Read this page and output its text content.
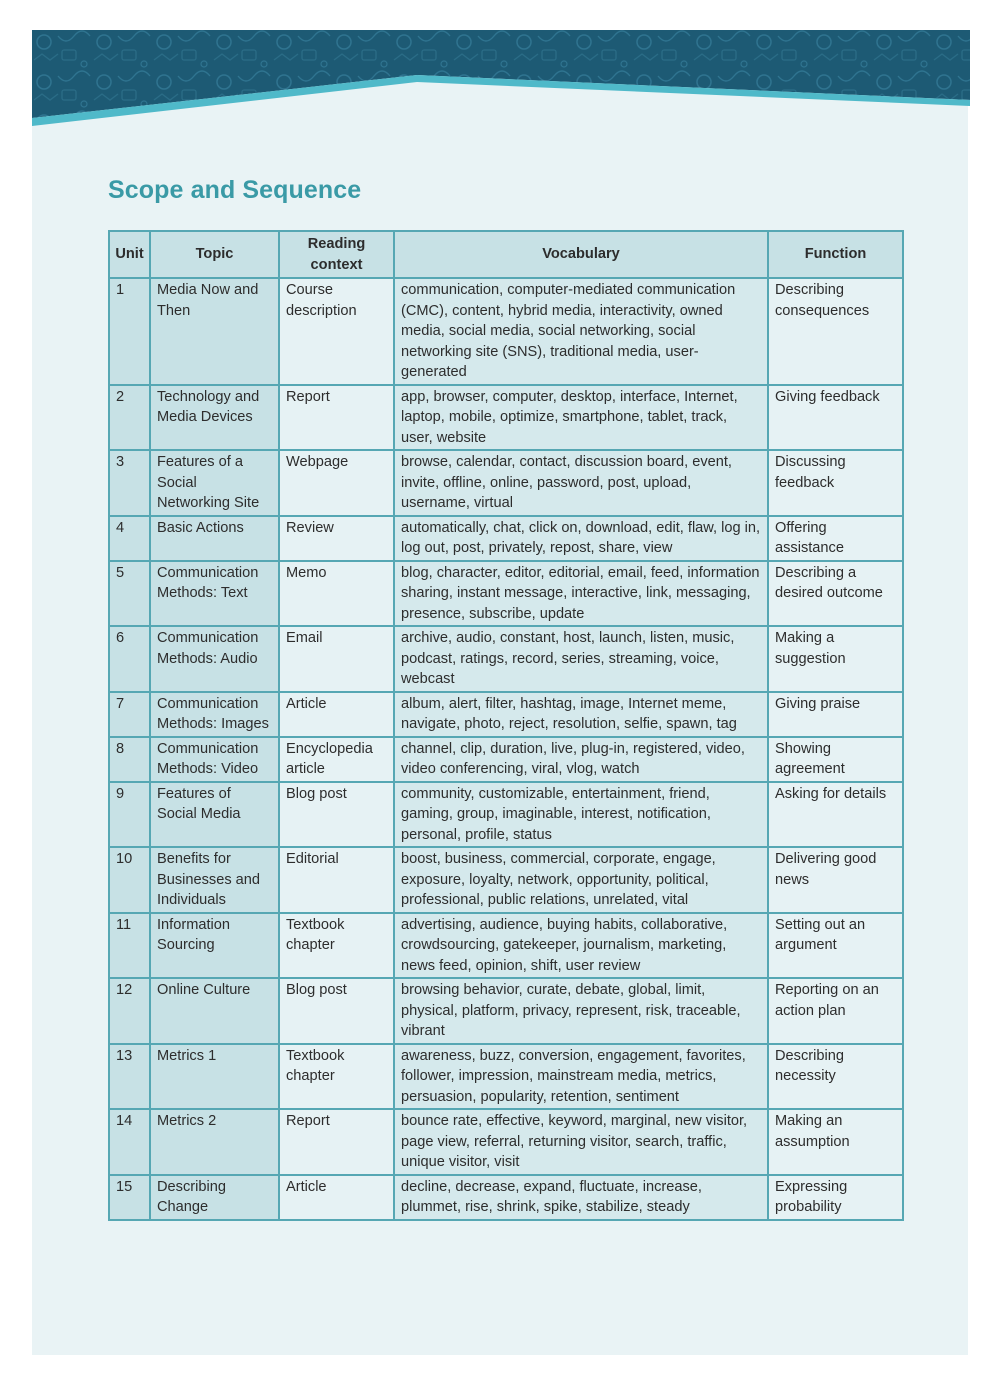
Scope and Sequence
Unit	Topic	Reading context	Vocabulary	Function
1	Media Now and Then	Course description	communication, computer-mediated communication (CMC), content, hybrid media, interactivity, owned media, social media, social networking, social networking site (SNS), traditional media, user-generated	Describing consequences
2	Technology and Media Devices	Report	app, browser, computer, desktop, interface, Internet, laptop, mobile, optimize, smartphone, tablet, track, user, website	Giving feedback
3	Features of a Social Networking Site	Webpage	browse, calendar, contact, discussion board, event, invite, offline, online, password, post, upload, username, virtual	Discussing feedback
4	Basic Actions	Review	automatically, chat, click on, download, edit, flaw, log in, log out, post, privately, repost, share, view	Offering assistance
5	Communication Methods: Text	Memo	blog, character, editor, editorial, email, feed, information sharing, instant message, interactive, link, messaging, presence, subscribe, update	Describing a desired outcome
6	Communication Methods: Audio	Email	archive, audio, constant, host, launch, listen, music, podcast, ratings, record, series, streaming, voice, webcast	Making a suggestion
7	Communication Methods: Images	Article	album, alert, filter, hashtag, image, Internet meme, navigate, photo, reject, resolution, selfie, spawn, tag	Giving praise
8	Communication Methods: Video	Encyclopedia article	channel, clip, duration, live, plug-in, registered, video, video conferencing, viral, vlog, watch	Showing agreement
9	Features of Social Media	Blog post	community, customizable, entertainment, friend, gaming, group, imaginable, interest, notification, personal, profile, status	Asking for details
10	Benefits for Businesses and Individuals	Editorial	boost, business, commercial, corporate, engage, exposure, loyalty, network, opportunity, political, professional, public relations, unrelated, vital	Delivering good news
11	Information Sourcing	Textbook chapter	advertising, audience, buying habits, collaborative, crowdsourcing, gatekeeper, journalism, marketing, news feed, opinion, shift, user review	Setting out an argument
12	Online Culture	Blog post	browsing behavior, curate, debate, global, limit, physical, platform, privacy, represent, risk, traceable, vibrant	Reporting on an action plan
13	Metrics 1	Textbook chapter	awareness, buzz, conversion, engagement, favorites, follower, impression, mainstream media, metrics, persuasion, popularity, retention, sentiment	Describing necessity
14	Metrics 2	Report	bounce rate, effective, keyword, marginal, new visitor, page view, referral, returning visitor, search, traffic, unique visitor, visit	Making an assumption
15	Describing Change	Article	decline, decrease, expand, fluctuate, increase, plummet, rise, shrink, spike, stabilize, steady	Expressing probability
